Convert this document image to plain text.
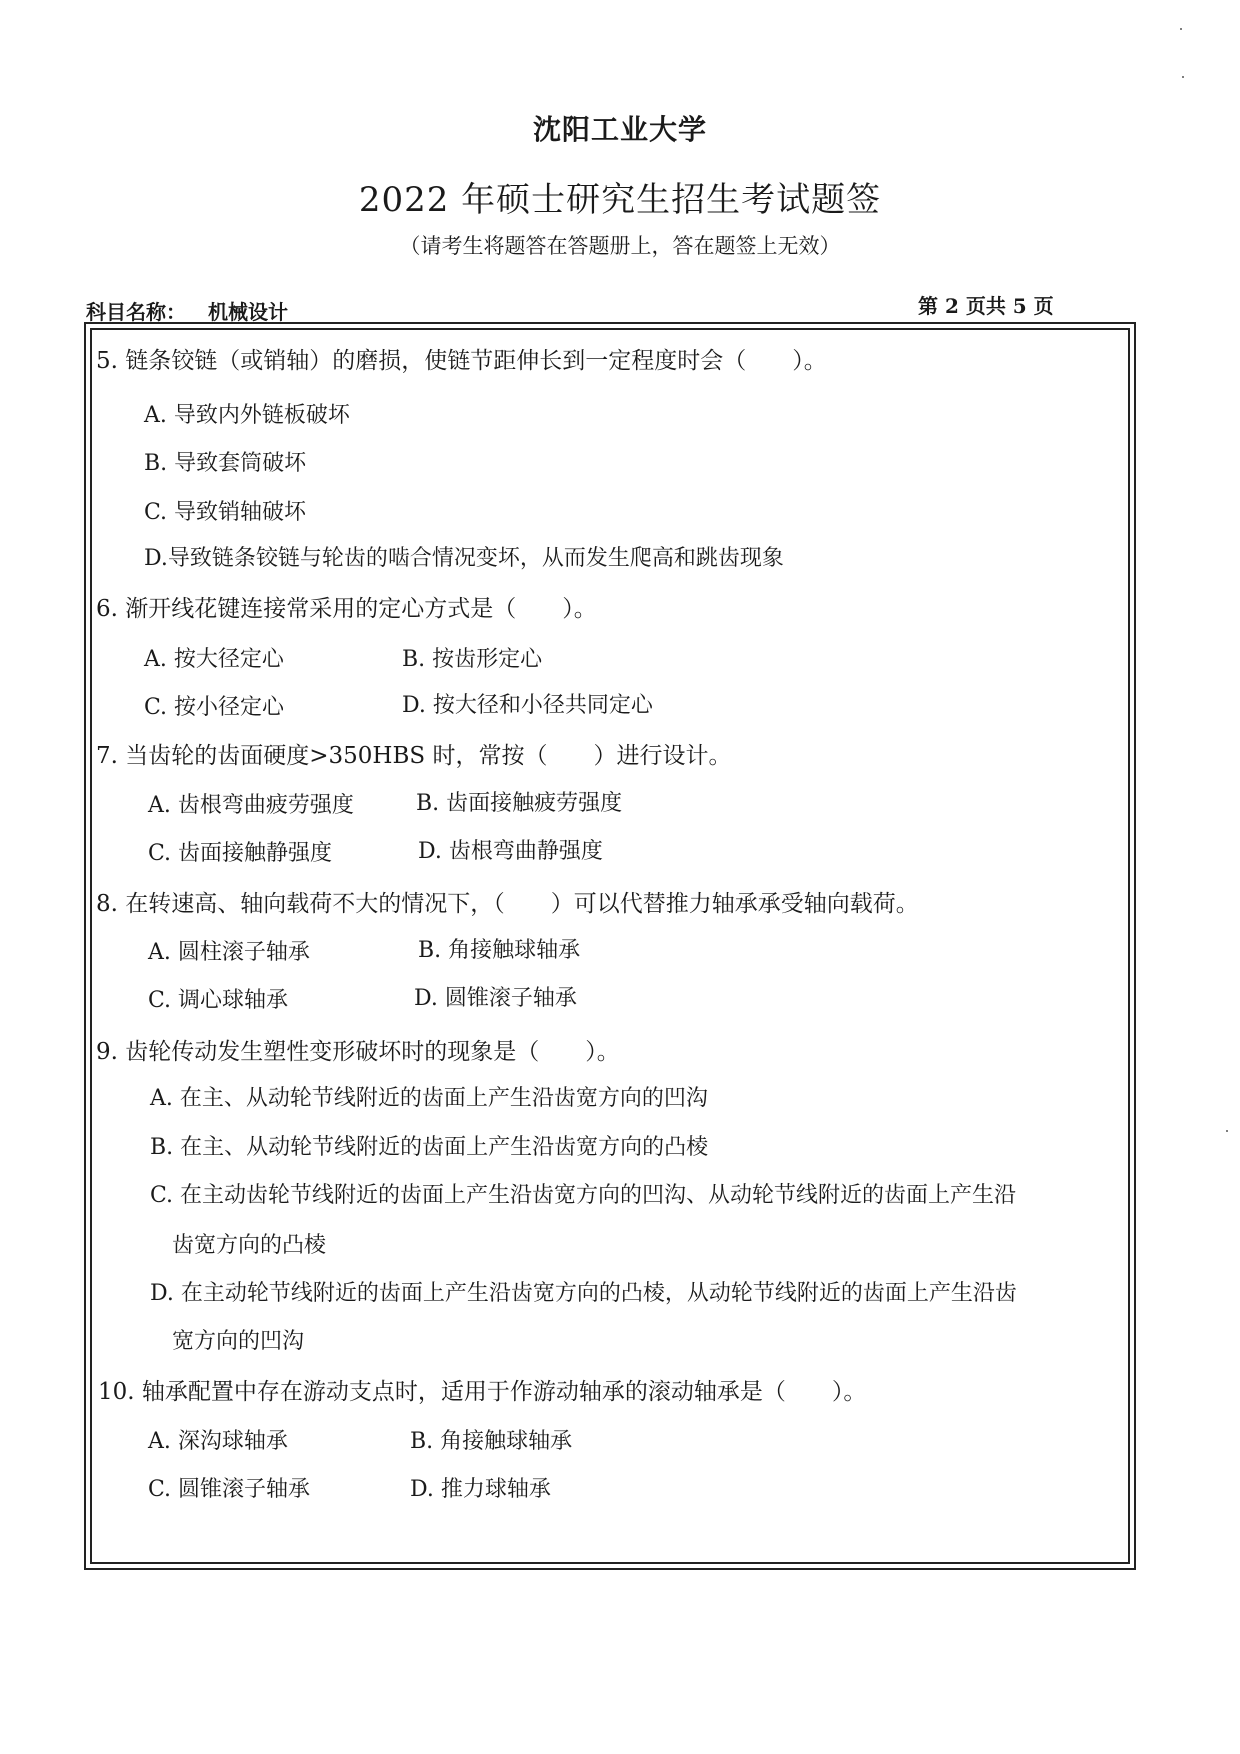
沈阳工业大学
2022 年硕士研究生招生考试题签
（请考生将题答在答题册上，答在题签上无效）
科目名称： 机械设计	第 2 页共 5 页
5. 链条铰链（或销轴）的磨损，使链节距伸长到一定程度时会（　　）。
A. 导致内外链板破坏
B. 导致套筒破坏
C. 导致销轴破坏
D.导致链条铰链与轮齿的啮合情况变坏，从而发生爬高和跳齿现象
6. 渐开线花键连接常采用的定心方式是（　　）。
A. 按大径定心	B. 按齿形定心
C. 按小径定心	D. 按大径和小径共同定心
7. 当齿轮的齿面硬度>350HBS 时，常按（　　）进行设计。
A. 齿根弯曲疲劳强度	B. 齿面接触疲劳强度
C. 齿面接触静强度	D. 齿根弯曲静强度
8. 在转速高、轴向载荷不大的情况下，（　　）可以代替推力轴承承受轴向载荷。
A. 圆柱滚子轴承	B. 角接触球轴承
C. 调心球轴承	D. 圆锥滚子轴承
9. 齿轮传动发生塑性变形破坏时的现象是（　　）。
A. 在主、从动轮节线附近的齿面上产生沿齿宽方向的凹沟
B. 在主、从动轮节线附近的齿面上产生沿齿宽方向的凸棱
C. 在主动齿轮节线附近的齿面上产生沿齿宽方向的凹沟、从动轮节线附近的齿面上产生沿
齿宽方向的凸棱
D. 在主动轮节线附近的齿面上产生沿齿宽方向的凸棱，从动轮节线附近的齿面上产生沿齿
宽方向的凹沟
10. 轴承配置中存在游动支点时，适用于作游动轴承的滚动轴承是（　　）。
A. 深沟球轴承	B. 角接触球轴承
C. 圆锥滚子轴承	D. 推力球轴承
